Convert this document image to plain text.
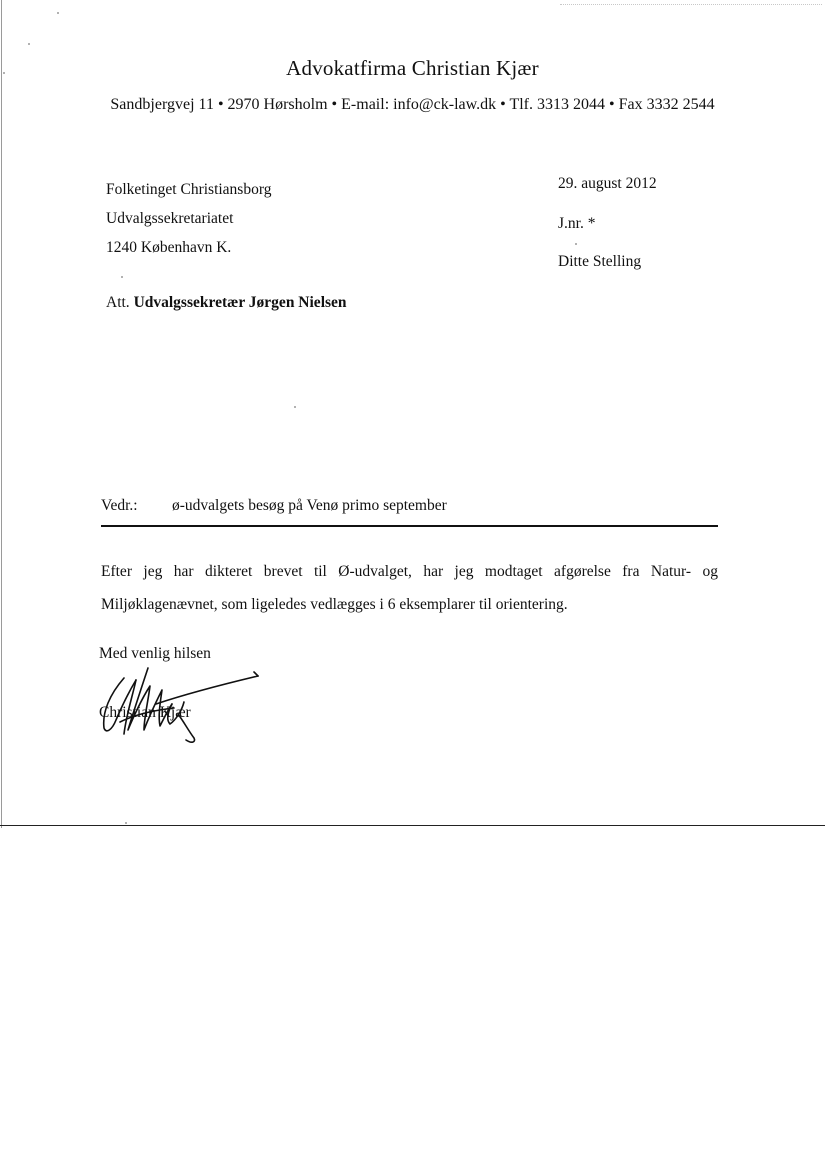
Advokatfirma Christian Kjær
Sandbjergvej 11 • 2970 Hørsholm • E-mail: info@ck-law.dk • Tlf. 3313 2044 • Fax 3332 2544
Folketinget Christiansborg
Udvalgssekretariatet
1240 København K.
29. august 2012
J.nr. *
Ditte Stelling
Att. Udvalgssekretær Jørgen Nielsen
Vedr.: ø-udvalgets besøg på Venø primo september
Efter jeg har dikteret brevet til Ø-udvalget, har jeg modtaget afgørelse fra Natur- og Miljøklagenævnet, som ligeledes vedlægges i 6 eksemplarer til orientering.
Med venlig hilsen
Christian Kjær
